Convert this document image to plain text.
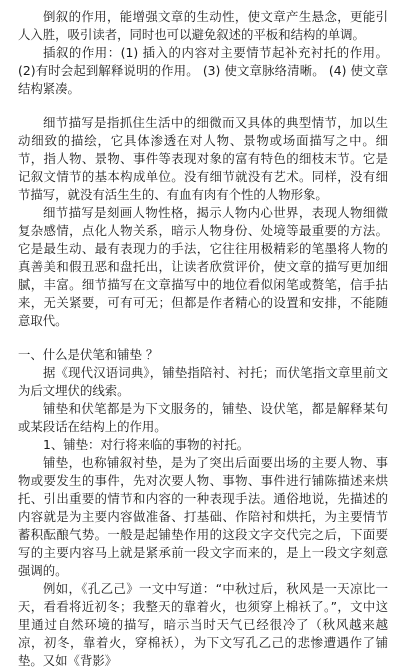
倒叙的作用，能增强文章的生动性，使文章产生悬念，更能引人入胜，吸引读者，同时也可以避免叙述的平板和结构的单调。

插叙的作用：(1) 插入的内容对主要情节起补充衬托的作用。(2)有时会起到解释说明的作用。 (3) 使文章脉络清晰。 (4) 使文章结构紧凑。

细节描写是指抓住生活中的细微而又具体的典型情节，加以生动细致的描绘，它具体渗透在对人物、景物或场面描写之中。细节，指人物、景物、事件等表现对象的富有特色的细枝末节。它是记叙文情节的基本构成单位。没有细节就没有艺术。同样，没有细节描写，就没有活生生的、有血有肉有个性的人物形象。

细节描写是刻画人物性格，揭示人物内心世界，表现人物细微复杂感情，点化人物关系，暗示人物身份、处境等最重要的方法。它是最生动、最有表现力的手法，它往往用极精彩的笔墨将人物的真善美和假丑恶和盘托出，让读者欣赏评价，使文章的描写更加细腻，丰富。细节描写在文章描写中的地位看似闲笔或赘笔，信手拈来，无关紧要，可有可无；但都是作者精心的设置和安排，不能随意取代。

一、什么是伏笔和铺垫 ？

据《现代汉语词典》，铺垫指陪衬、衬托；而伏笔指文章里前文为后文埋伏的线索。

铺垫和伏笔都是为下文服务的，铺垫、设伏笔，都是解释某句或某段话在结构上的作用。

1、铺垫：对行将来临的事物的衬托。

铺垫，也称铺叙衬垫，是为了突出后面要出场的主要人物、事物或要发生的事件，先对次要人物、事物、事件进行铺陈描述来烘托、引出重要的情节和内容的一种表现手法。通俗地说，先描述的内容就是为主要内容做准备、打基础、作陪衬和烘托，为主要情节蓄积酝酿气势。一般是起铺垫作用的这段文字交代完之后，下面要写的主要内容马上就是紧承前一段文字而来的，是上一段文字刻意强调的。

例如，《孔乙己》一文中写道：“中秋过后，秋风是一天凉比一天，看看将近初冬；我整天的靠着火，也须穿上棉袄了。”，文中这里通过自然环境的描写，暗示当时天气已经很冷了（秋风越来越凉，初冬，靠着火，穿棉袄），为下文写孔乙己的悲惨遭遇作了铺垫。又如《背影》
